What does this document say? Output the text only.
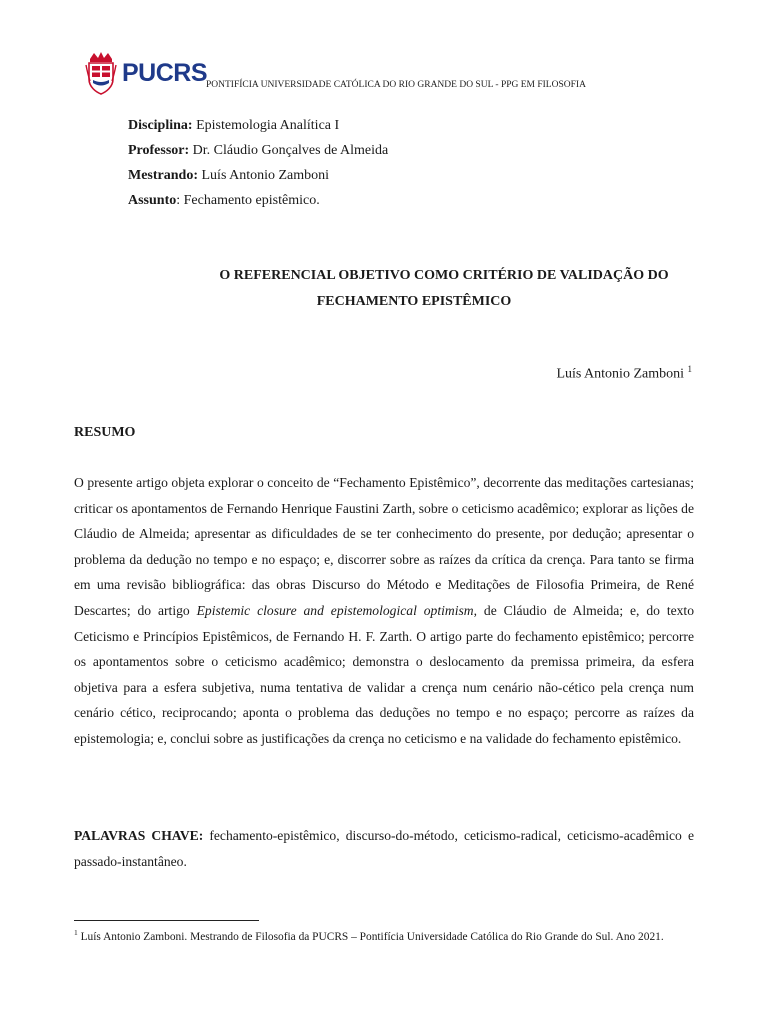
PUCRS
PONTIFÍCIA UNIVERSIDADE CATÓLICA DO RIO GRANDE DO SUL - PPG EM FILOSOFIA
Disciplina: Epistemologia Analítica I
Professor: Dr. Cláudio Gonçalves de Almeida
Mestrando: Luís Antonio Zamboni
Assunto: Fechamento epistêmico.
O REFERENCIAL OBJETIVO COMO CRITÉRIO DE VALIDAÇÃO DO
FECHAMENTO EPISTÊMICO
Luís Antonio Zamboni $^1$
RESUMO
O presente artigo objeta explorar o conceito de “Fechamento Epistêmico”, decorrente das meditações cartesianas; criticar os apontamentos de Fernando Henrique Faustini Zarth, sobre o ceticismo acadêmico; explorar as lições de Cláudio de Almeida; apresentar as dificuldades de se ter conhecimento do presente, por dedução; apresentar o problema da dedução no tempo e no espaço; e, discorrer sobre as raízes da crítica da crença. Para tanto se firma em uma revisão bibliográfica: das obras Discurso do Método e Meditações de Filosofia Primeira, de René Descartes; do artigo Epistemic closure and epistemological optimism, de Cláudio de Almeida; e, do texto Ceticismo e Princípios Epistêmicos, de Fernando H. F. Zarth. O artigo parte do fechamento epistêmico; percorre os apontamentos sobre o ceticismo acadêmico; demonstra o deslocamento da premissa primeira, da esfera objetiva para a esfera subjetiva, numa tentativa de validar a crença num cenário não-cético pela crença num cenário cético, reciprocando; aponta o problema das deduções no tempo e no espaço; percorre as raízes da epistemologia; e, conclui sobre as justificações da crença no ceticismo e na validade do fechamento epistêmico.
PALAVRAS CHAVE: fechamento-epistêmico, discurso-do-método, ceticismo-radical, ceticismo-acadêmico e passado-instantâneo.
$^1$ Luís Antonio Zamboni. Mestrando de Filosofia da PUCRS – Pontifícia Universidade Católica do Rio Grande do Sul. Ano 2021.
